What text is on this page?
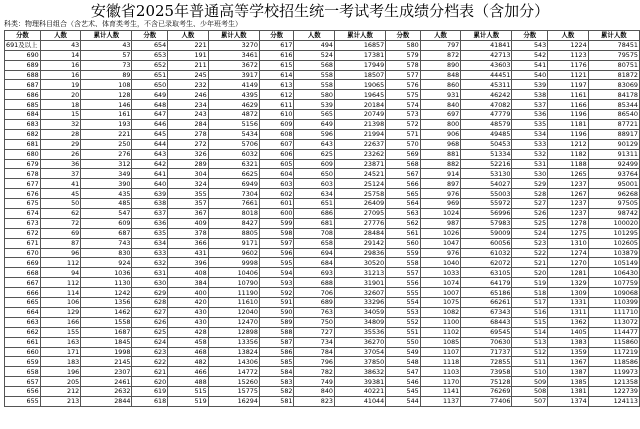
安徽省2025年普通高等学校招生统一考试考生成绩分档表（含加分）
科类：物理科目组合（含艺术、体育类考生，不含已录取考生、少年班考生）
分数	人数	累计人数	分数	人数	累计人数	分数	人数	累计人数	分数	人数	累计人数	分数	人数	累计人数
691及以上	43	43	654	221	3270	617	494	16857	580	797	41841	543	1224	78451
690	14	57	653	191	3461	616	524	17381	579	872	42713	542	1123	79575
689	16	73	652	211	3672	615	568	17949	578	890	43603	541	1176	80751
688	16	89	651	245	3917	614	558	18507	577	848	44451	540	1121	81872
687	19	108	650	232	4149	613	558	19065	576	860	45311	539	1197	83069
686	20	128	649	246	4395	612	580	19645	575	931	46242	538	1161	84178
685	18	146	648	234	4629	611	539	20184	574	840	47082	537	1166	85344
684	15	161	647	243	4872	610	565	20749	573	697	47779	536	1196	86540
683	32	193	646	284	5156	609	649	21398	572	800	48579	535	1181	87721
682	28	221	645	278	5434	608	596	21994	571	906	49485	534	1196	88917
681	29	250	644	272	5706	607	643	22637	570	968	50453	533	1212	90129
680	26	276	643	326	6032	606	625	23262	569	881	51334	532	1182	91311
679	36	312	642	289	6321	605	609	23871	568	882	52216	531	1188	92499
678	37	349	641	304	6625	604	650	24521	567	914	53130	530	1265	93764
677	41	390	640	324	6949	603	603	25124	566	897	54027	529	1237	95001
676	45	435	639	355	7304	602	634	25758	565	976	55003	528	1267	96268
675	50	485	638	357	7661	601	651	26409	564	969	55972	527	1237	97505
674	62	547	637	367	8018	600	686	27095	563	1024	56996	526	1237	98742
673	72	609	636	409	8427	599	681	27776	562	987	57983	525	1278	100020
672	69	687	635	378	8805	598	708	28484	561	1026	59009	524	1275	101295
671	87	743	634	366	9171	597	658	29142	560	1047	60056	523	1310	102605
670	96	830	633	431	9602	596	694	29836	559	976	61032	522	1274	103879
669	112	924	632	396	9998	595	684	30520	558	1040	62072	521	1270	105149
668	94	1036	631	408	10406	594	693	31213	557	1033	63105	520	1281	106430
667	112	1130	630	384	10790	593	688	31901	556	1074	64179	519	1329	107759
666	114	1242	629	400	11190	592	706	32607	555	1007	65186	518	1309	109068
665	106	1356	628	420	11610	591	689	33296	554	1075	66261	517	1331	110399
664	129	1462	627	430	12040	590	763	34059	553	1082	67343	516	1311	111710
663	166	1558	626	430	12470	589	750	34809	552	1100	68443	515	1362	113072
662	155	1687	625	428	12898	588	727	35536	551	1102	69545	514	1405	114477
661	163	1845	624	458	13356	587	734	36270	550	1085	70630	513	1383	115860
660	171	1998	623	468	13824	586	784	37054	549	1107	71737	512	1359	117219
659	183	2145	622	482	14306	585	796	37850	548	1118	72855	511	1367	118586
658	196	2307	621	466	14772	584	782	38632	547	1103	73958	510	1387	119973
657	205	2461	620	488	15260	583	749	39381	546	1170	75128	509	1385	121358
656	212	2632	619	515	15775	582	840	40221	545	1141	76269	508	1381	122739
655	213	2844	618	519	16294	581	823	41044	544	1137	77406	507	1374	124113
